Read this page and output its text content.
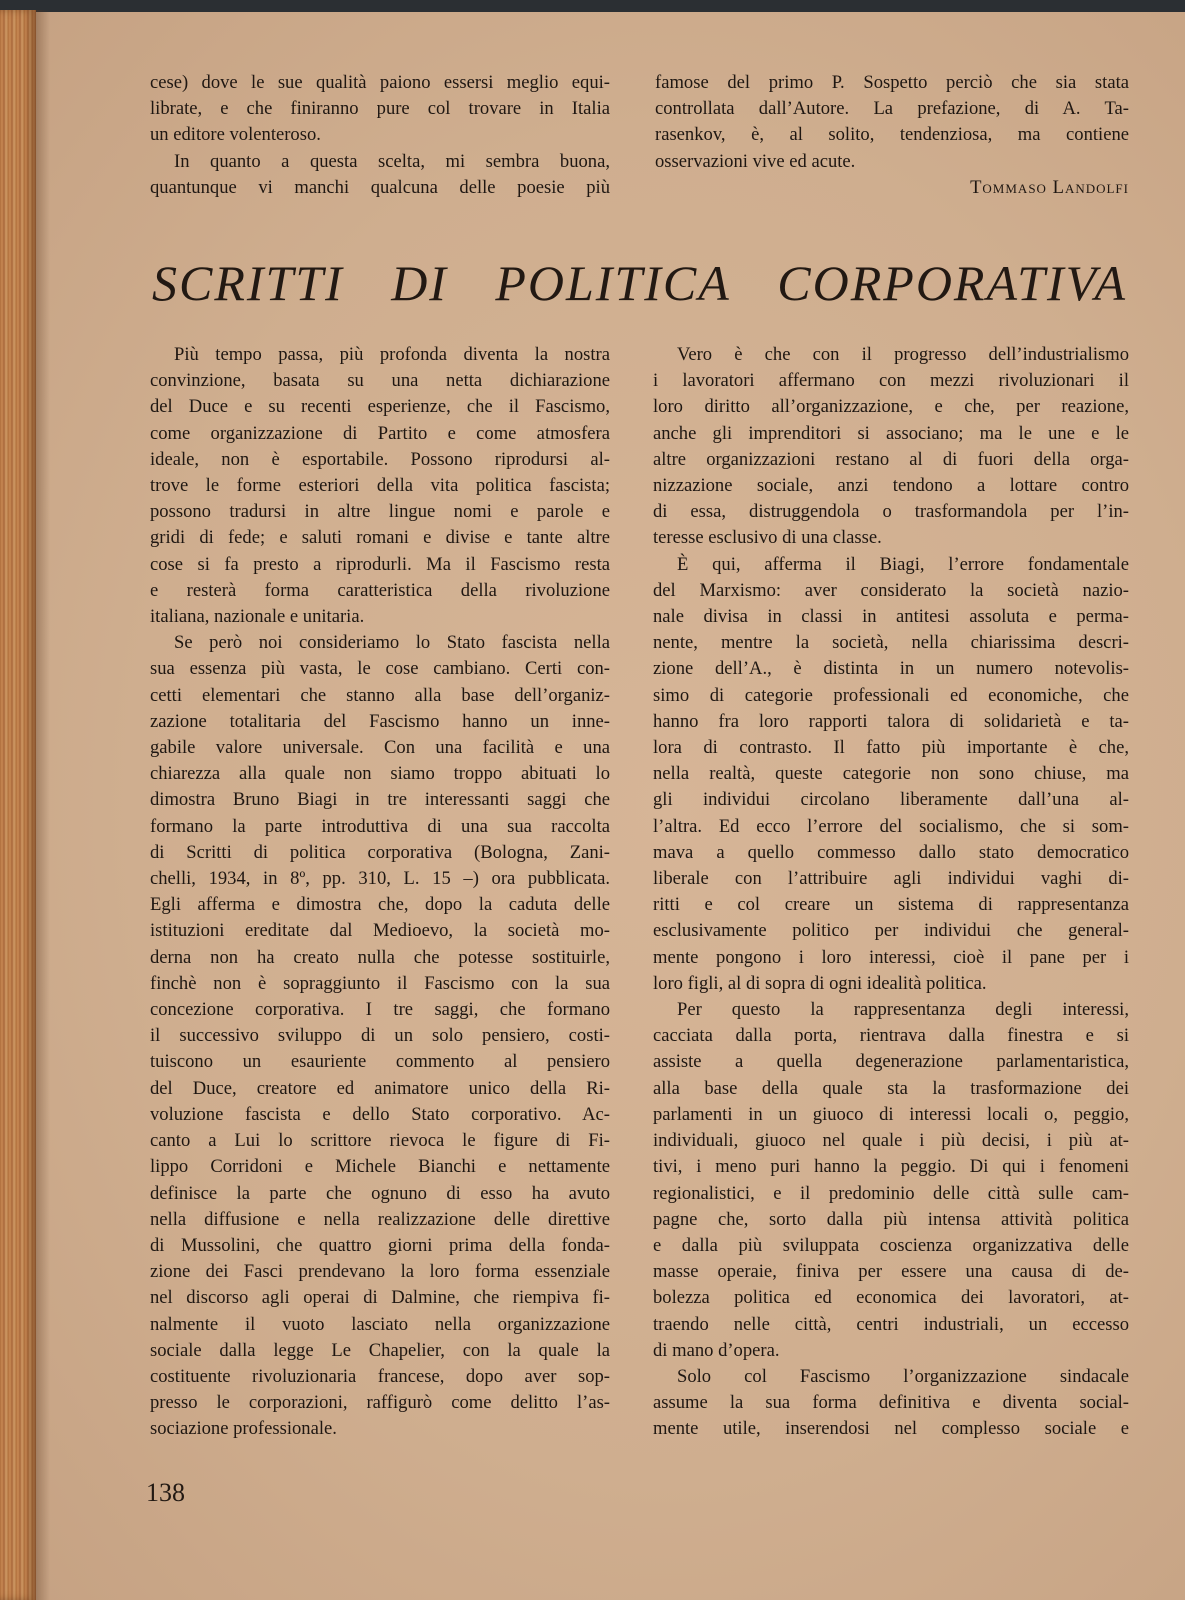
cese) dove le sue qualità paiono essersi meglio equi-
librate, e che finiranno pure col trovare in Italia
un editore volenteroso.
In quanto a questa scelta, mi sembra buona,
quantunque vi manchi qualcuna delle poesie più
famose del primo P. Sospetto perciò che sia stata
controllata dall’Autore. La prefazione, di A. Ta-
rasenkov, è, al solito, tendenziosa, ma contiene
osservazioni vive ed acute.
Tommaso Landolfi
SCRITTI DI POLITICA CORPORATIVA
Più tempo passa, più profonda diventa la nostra
convinzione, basata su una netta dichiarazione
del Duce e su recenti esperienze, che il Fascismo,
come organizzazione di Partito e come atmosfera
ideale, non è esportabile. Possono riprodursi al-
trove le forme esteriori della vita politica fascista;
possono tradursi in altre lingue nomi e parole e
gridi di fede; e saluti romani e divise e tante altre
cose si fa presto a riprodurli. Ma il Fascismo resta
e resterà forma caratteristica della rivoluzione
italiana, nazionale e unitaria.
Se però noi consideriamo lo Stato fascista nella
sua essenza più vasta, le cose cambiano. Certi con-
cetti elementari che stanno alla base dell’organiz-
zazione totalitaria del Fascismo hanno un inne-
gabile valore universale. Con una facilità e una
chiarezza alla quale non siamo troppo abituati lo
dimostra Bruno Biagi in tre interessanti saggi che
formano la parte introduttiva di una sua raccolta
di Scritti di politica corporativa (Bologna, Zani-
chelli, 1934, in 8º, pp. 310, L. 15 –) ora pubblicata.
Egli afferma e dimostra che, dopo la caduta delle
istituzioni ereditate dal Medioevo, la società mo-
derna non ha creato nulla che potesse sostituirle,
finchè non è sopraggiunto il Fascismo con la sua
concezione corporativa. I tre saggi, che formano
il successivo sviluppo di un solo pensiero, costi-
tuiscono un esauriente commento al pensiero
del Duce, creatore ed animatore unico della Ri-
voluzione fascista e dello Stato corporativo. Ac-
canto a Lui lo scrittore rievoca le figure di Fi-
lippo Corridoni e Michele Bianchi e nettamente
definisce la parte che ognuno di esso ha avuto
nella diffusione e nella realizzazione delle direttive
di Mussolini, che quattro giorni prima della fonda-
zione dei Fasci prendevano la loro forma essenziale
nel discorso agli operai di Dalmine, che riempiva fi-
nalmente il vuoto lasciato nella organizzazione
sociale dalla legge Le Chapelier, con la quale la
costituente rivoluzionaria francese, dopo aver sop-
presso le corporazioni, raffigurò come delitto l’as-
sociazione professionale.
Vero è che con il progresso dell’industrialismo
i lavoratori affermano con mezzi rivoluzionari il
loro diritto all’organizzazione, e che, per reazione,
anche gli imprenditori si associano; ma le une e le
altre organizzazioni restano al di fuori della orga-
nizzazione sociale, anzi tendono a lottare contro
di essa, distruggendola o trasformandola per l’in-
teresse esclusivo di una classe.
È qui, afferma il Biagi, l’errore fondamentale
del Marxismo: aver considerato la società nazio-
nale divisa in classi in antitesi assoluta e perma-
nente, mentre la società, nella chiarissima descri-
zione dell’A., è distinta in un numero notevolis-
simo di categorie professionali ed economiche, che
hanno fra loro rapporti talora di solidarietà e ta-
lora di contrasto. Il fatto più importante è che,
nella realtà, queste categorie non sono chiuse, ma
gli individui circolano liberamente dall’una al-
l’altra. Ed ecco l’errore del socialismo, che si som-
mava a quello commesso dallo stato democratico
liberale con l’attribuire agli individui vaghi di-
ritti e col creare un sistema di rappresentanza
esclusivamente politico per individui che general-
mente pongono i loro interessi, cioè il pane per i
loro figli, al di sopra di ogni idealità politica.
Per questo la rappresentanza degli interessi,
cacciata dalla porta, rientrava dalla finestra e si
assiste a quella degenerazione parlamentaristica,
alla base della quale sta la trasformazione dei
parlamenti in un giuoco di interessi locali o, peggio,
individuali, giuoco nel quale i più decisi, i più at-
tivi, i meno puri hanno la peggio. Di qui i fenomeni
regionalistici, e il predominio delle città sulle cam-
pagne che, sorto dalla più intensa attività politica
e dalla più sviluppata coscienza organizzativa delle
masse operaie, finiva per essere una causa di de-
bolezza politica ed economica dei lavoratori, at-
traendo nelle città, centri industriali, un eccesso
di mano d’opera.
Solo col Fascismo l’organizzazione sindacale
assume la sua forma definitiva e diventa social-
mente utile, inserendosi nel complesso sociale e
138
